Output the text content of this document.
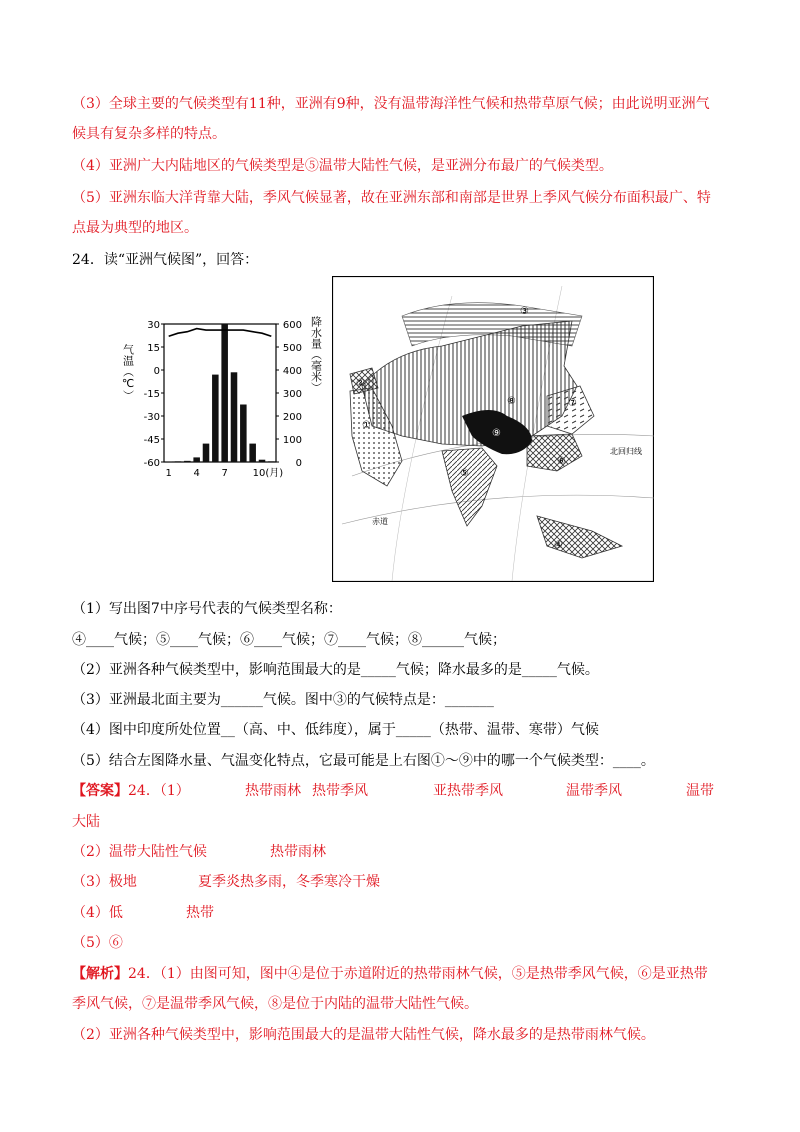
（3）全球主要的气候类型有11种，亚洲有9种，没有温带海洋性气候和热带草原气候；由此说明亚洲气
候具有复杂多样的特点。
（4）亚洲广大内陆地区的气候类型是⑤温带大陆性气候，是亚洲分布最广的气候类型。
（5）亚洲东临大洋背靠大陆，季风气候显著，故在亚洲东部和南部是世界上季风气候分布面积最广、特
点最为典型的地区。
24．读“亚洲气候图”，回答：
气温（℃）	降水量（毫米）
30
15
0
-15
-30
-45
-60
600
500
400
300
200
100
0
1 4 7 10(月)
①
②
③
④
⑤
⑥
⑦
⑧
⑨
北回归线
赤道
（1）写出图7中序号代表的气候类型名称：
④____气候；⑤____气候；⑥____气候；⑦____气候；⑧______气候；
（2）亚洲各种气候类型中，影响范围最大的是_____气候；降水最多的是_____气候。
（3）亚洲最北面主要为______气候。图中③的气候特点是：_______
（4）图中印度所处位置__（高、中、低纬度），属于_____（热带、温带、寒带）气候
（5）结合左图降水量、气温变化特点，它最可能是上右图①～⑨中的哪一个气候类型：____。
【答案】24．（1）	热带雨林 热带季风	亚热带季风	温带季风	温带
大陆
（2）温带大陆性气候	热带雨林
（3）极地	夏季炎热多雨，冬季寒冷干燥
（4）低	热带
（5）⑥
【解析】24．（1）由图可知，图中④是位于赤道附近的热带雨林气候，⑤是热带季风气候，⑥是亚热带
季风气候，⑦是温带季风气候，⑧是位于内陆的温带大陆性气候。
（2）亚洲各种气候类型中，影响范围最大的是温带大陆性气候，降水最多的是热带雨林气候。
